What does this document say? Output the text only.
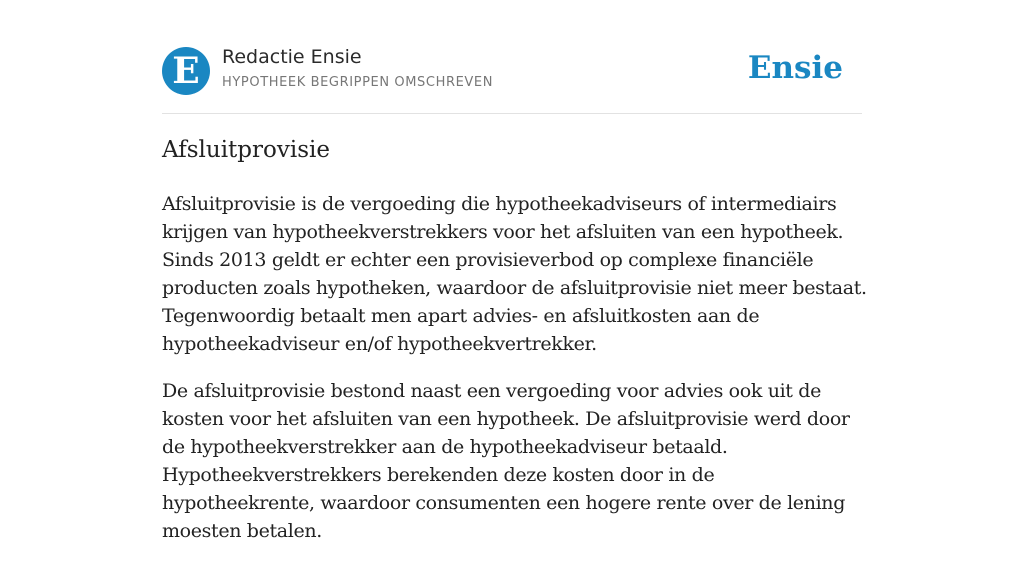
E	Redactie Ensie
HYPOTHEEK BEGRIPPEN OMSCHREVEN	Ensie
Afsluitprovisie

Afsluitprovisie is de vergoeding die hypotheekadviseurs of intermediairs krijgen van hypotheekverstrekkers voor het afsluiten van een hypotheek. Sinds 2013 geldt er echter een provisieverbod op complexe financiële producten zoals hypotheken, waardoor de afsluitprovisie niet meer bestaat. Tegenwoordig betaalt men apart advies- en afsluitkosten aan de hypotheekadviseur en/of hypotheekvertrekker.

De afsluitprovisie bestond naast een vergoeding voor advies ook uit de kosten voor het afsluiten van een hypotheek. De afsluitprovisie werd door de hypotheekverstrekker aan de hypotheekadviseur betaald. Hypotheekverstrekkers berekenden deze kosten door in de hypotheekrente, waardoor consumenten een hogere rente over de lening moesten betalen.
